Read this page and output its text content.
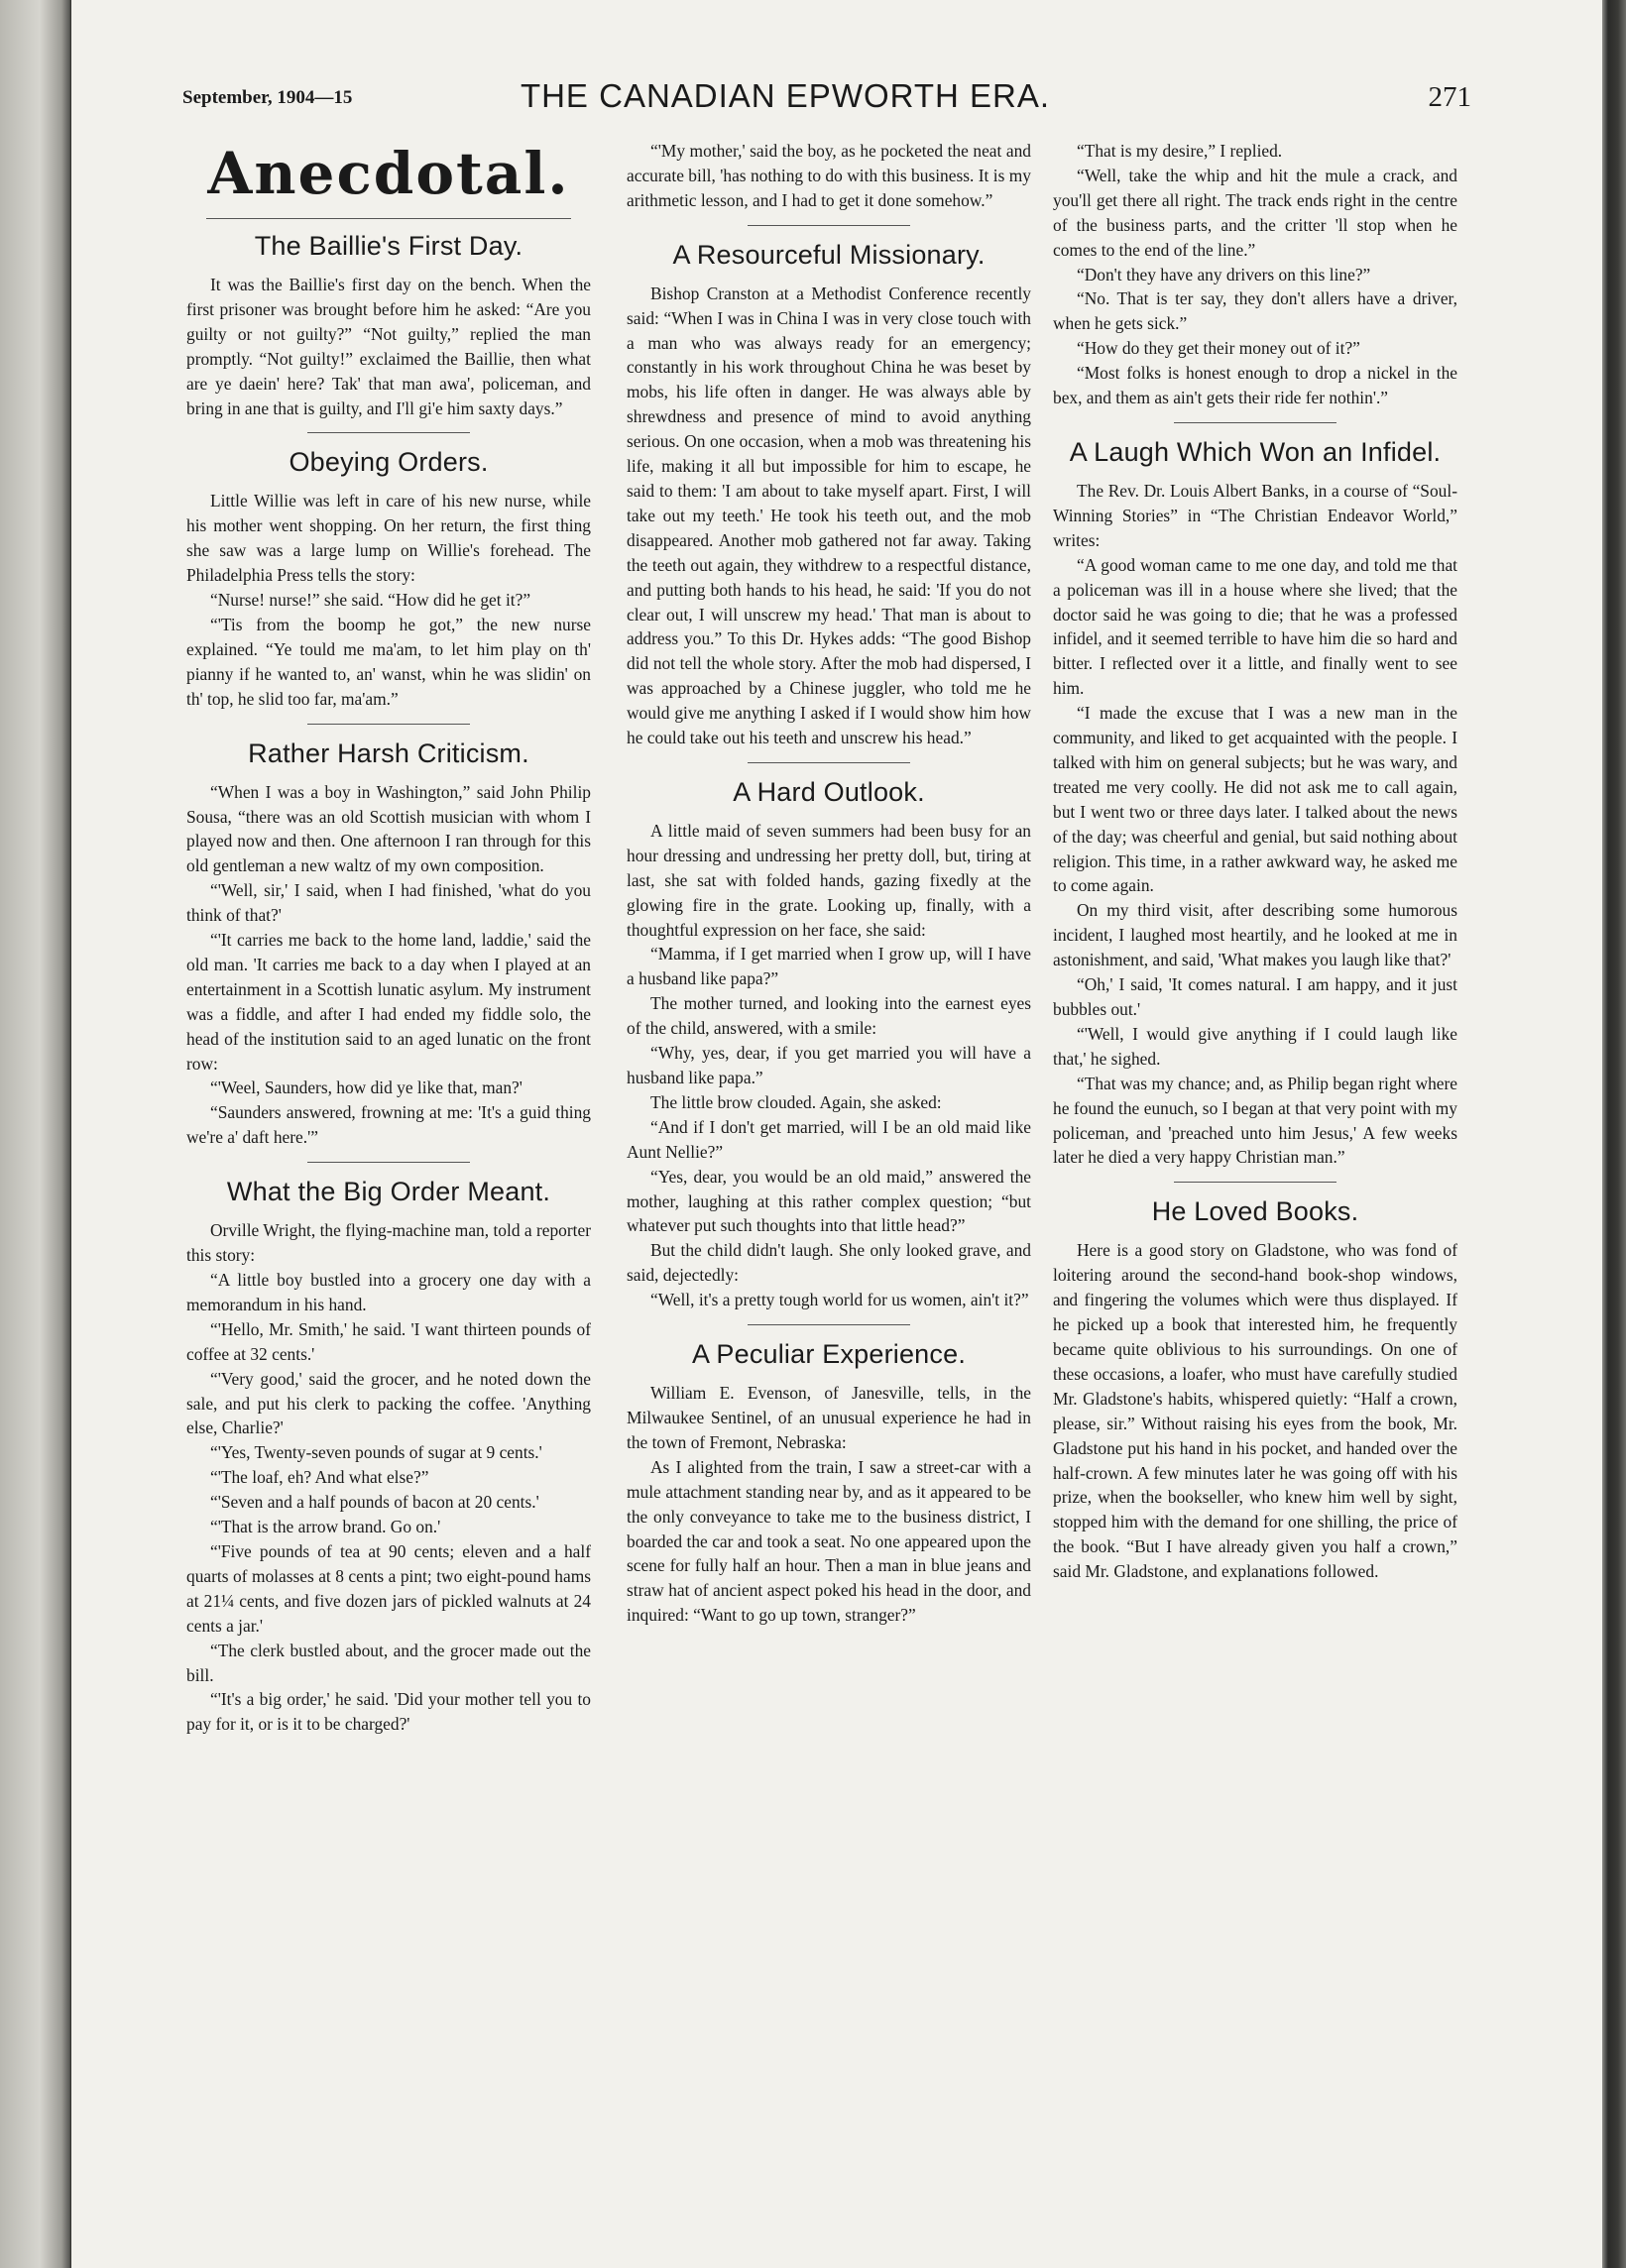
September, 1904—15	THE CANADIAN EPWORTH ERA.	271
Anecdotal.
The Baillie's First Day.

It was the Baillie's first day on the bench. When the first prisoner was brought before him he asked: “Are you guilty or not guilty?” “Not guilty,” replied the man promptly. “Not guilty!” exclaimed the Baillie, then what are ye daein' here? Tak' that man awa', policeman, and bring in ane that is guilty, and I'll gi'e him saxty days.”

Obeying Orders.

Little Willie was left in care of his new nurse, while his mother went shopping. On her return, the first thing she saw was a large lump on Willie's forehead. The Philadelphia Press tells the story:

“Nurse! nurse!” she said. “How did he get it?”

“'Tis from the boomp he got,” the new nurse explained. “Ye tould me ma'am, to let him play on th' pianny if he wanted to, an' wanst, whin he was slidin' on th' top, he slid too far, ma'am.”

Rather Harsh Criticism.

“When I was a boy in Washington,” said John Philip Sousa, “there was an old Scottish musician with whom I played now and then. One afternoon I ran through for this old gentleman a new waltz of my own composition.

“'Well, sir,' I said, when I had finished, 'what do you think of that?'

“'It carries me back to the home land, laddie,' said the old man. 'It carries me back to a day when I played at an entertainment in a Scottish lunatic asylum. My instrument was a fiddle, and after I had ended my fiddle solo, the head of the institution said to an aged lunatic on the front row:

“'Weel, Saunders, how did ye like that, man?'

“Saunders answered, frowning at me: 'It's a guid thing we're a' daft here.'”

What the Big Order Meant.

Orville Wright, the flying-machine man, told a reporter this story:

“A little boy bustled into a grocery one day with a memorandum in his hand.

“'Hello, Mr. Smith,' he said. 'I want thirteen pounds of coffee at 32 cents.'

“'Very good,' said the grocer, and he noted down the sale, and put his clerk to packing the coffee. 'Anything else, Charlie?'

“'Yes, Twenty-seven pounds of sugar at 9 cents.'

“'The loaf, eh? And what else?”

“'Seven and a half pounds of bacon at 20 cents.'

“'That is the arrow brand. Go on.'

“'Five pounds of tea at 90 cents; eleven and a half quarts of molasses at 8 cents a pint; two eight-pound hams at 21¼ cents, and five dozen jars of pickled walnuts at 24 cents a jar.'

“The clerk bustled about, and the grocer made out the bill.

“'It's a big order,' he said. 'Did your mother tell you to pay for it, or is it to be charged?'

“'My mother,' said the boy, as he pocketed the neat and accurate bill, 'has nothing to do with this business. It is my arithmetic lesson, and I had to get it done somehow.”

A Resourceful Missionary.

Bishop Cranston at a Methodist Conference recently said: “When I was in China I was in very close touch with a man who was always ready for an emergency; constantly in his work throughout China he was beset by mobs, his life often in danger. He was always able by shrewdness and presence of mind to avoid anything serious. On one occasion, when a mob was threatening his life, making it all but impossible for him to escape, he said to them: 'I am about to take myself apart. First, I will take out my teeth.' He took his teeth out, and the mob disappeared. Another mob gathered not far away. Taking the teeth out again, they withdrew to a respectful distance, and putting both hands to his head, he said: 'If you do not clear out, I will unscrew my head.' That man is about to address you.” To this Dr. Hykes adds: “The good Bishop did not tell the whole story. After the mob had dispersed, I was approached by a Chinese juggler, who told me he would give me anything I asked if I would show him how he could take out his teeth and unscrew his head.”

A Hard Outlook.

A little maid of seven summers had been busy for an hour dressing and undressing her pretty doll, but, tiring at last, she sat with folded hands, gazing fixedly at the glowing fire in the grate. Looking up, finally, with a thoughtful expression on her face, she said:

“Mamma, if I get married when I grow up, will I have a husband like papa?”

The mother turned, and looking into the earnest eyes of the child, answered, with a smile:

“Why, yes, dear, if you get married you will have a husband like papa.”

The little brow clouded. Again, she asked:

“And if I don't get married, will I be an old maid like Aunt Nellie?”

“Yes, dear, you would be an old maid,” answered the mother, laughing at this rather complex question; “but whatever put such thoughts into that little head?”

But the child didn't laugh. She only looked grave, and said, dejectedly:

“Well, it's a pretty tough world for us women, ain't it?”

A Peculiar Experience.

William E. Evenson, of Janesville, tells, in the Milwaukee Sentinel, of an unusual experience he had in the town of Fremont, Nebraska:

As I alighted from the train, I saw a street-car with a mule attachment standing near by, and as it appeared to be the only conveyance to take me to the business district, I boarded the car and took a seat. No one appeared upon the scene for fully half an hour. Then a man in blue jeans and straw hat of ancient aspect poked his head in the door, and inquired: “Want to go up town, stranger?”

“That is my desire,” I replied.

“Well, take the whip and hit the mule a crack, and you'll get there all right. The track ends right in the centre of the business parts, and the critter 'll stop when he comes to the end of the line.”

“Don't they have any drivers on this line?”

“No. That is ter say, they don't allers have a driver, when he gets sick.”

“How do they get their money out of it?”

“Most folks is honest enough to drop a nickel in the bex, and them as ain't gets their ride fer nothin'.”

A Laugh Which Won an Infidel.

The Rev. Dr. Louis Albert Banks, in a course of “Soul-Winning Stories” in “The Christian Endeavor World,” writes:

“A good woman came to me one day, and told me that a policeman was ill in a house where she lived; that the doctor said he was going to die; that he was a professed infidel, and it seemed terrible to have him die so hard and bitter. I reflected over it a little, and finally went to see him.

“I made the excuse that I was a new man in the community, and liked to get acquainted with the people. I talked with him on general subjects; but he was wary, and treated me very coolly. He did not ask me to call again, but I went two or three days later. I talked about the news of the day; was cheerful and genial, but said nothing about religion. This time, in a rather awkward way, he asked me to come again.

On my third visit, after describing some humorous incident, I laughed most heartily, and he looked at me in astonishment, and said, 'What makes you laugh like that?'

“Oh,' I said, 'It comes natural. I am happy, and it just bubbles out.'

“'Well, I would give anything if I could laugh like that,' he sighed.

“That was my chance; and, as Philip began right where he found the eunuch, so I began at that very point with my policeman, and 'preached unto him Jesus,' A few weeks later he died a very happy Christian man.”

He Loved Books.

Here is a good story on Gladstone, who was fond of loitering around the second-hand book-shop windows, and fingering the volumes which were thus displayed. If he picked up a book that interested him, he frequently became quite oblivious to his surroundings. On one of these occasions, a loafer, who must have carefully studied Mr. Gladstone's habits, whispered quietly: “Half a crown, please, sir.” Without raising his eyes from the book, Mr. Gladstone put his hand in his pocket, and handed over the half-crown. A few minutes later he was going off with his prize, when the bookseller, who knew him well by sight, stopped him with the demand for one shilling, the price of the book. “But I have already given you half a crown,” said Mr. Gladstone, and explanations followed.
